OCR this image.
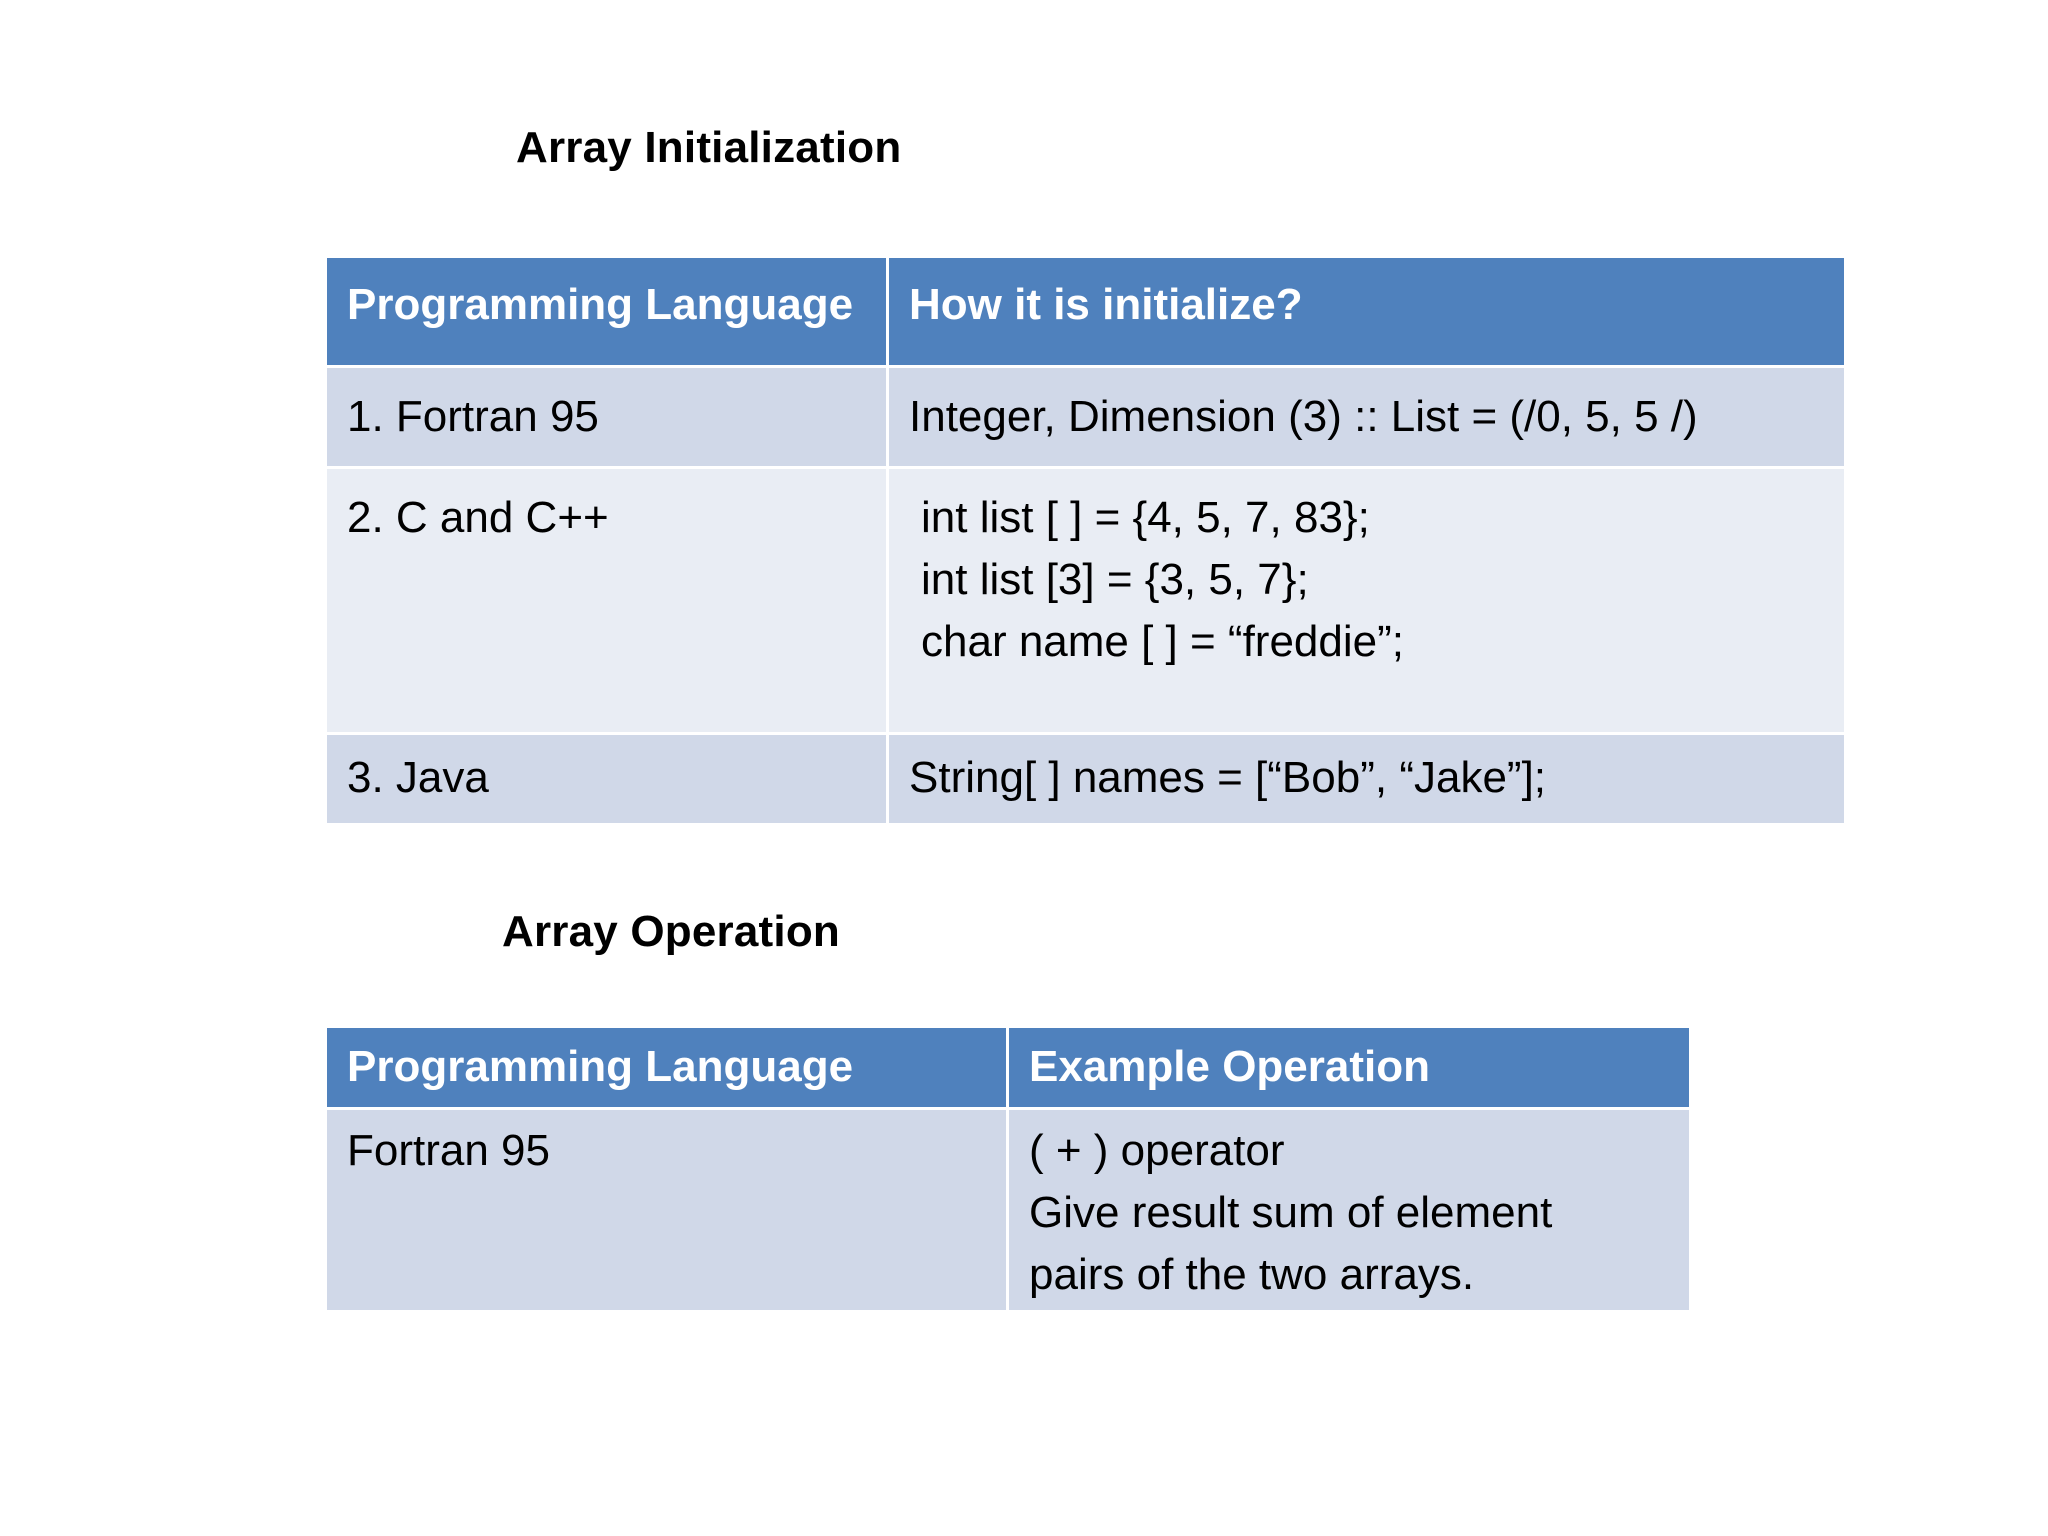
Array Initialization
Programming Language	How it is initialize?
1. Fortran 95	Integer, Dimension (3) :: List = (/0, 5, 5 /)

2. C and C++	int list [ ] = {4, 5, 7, 83};
int list [3] = {3, 5, 7};
char name [ ] = “freddie”;

3. Java	String[ ] names = [“Bob”, “Jake”];
Array Operation
Programming Language	Example Operation
Fortran 95	( + ) operator
Give result sum of element
pairs of the two arrays.
